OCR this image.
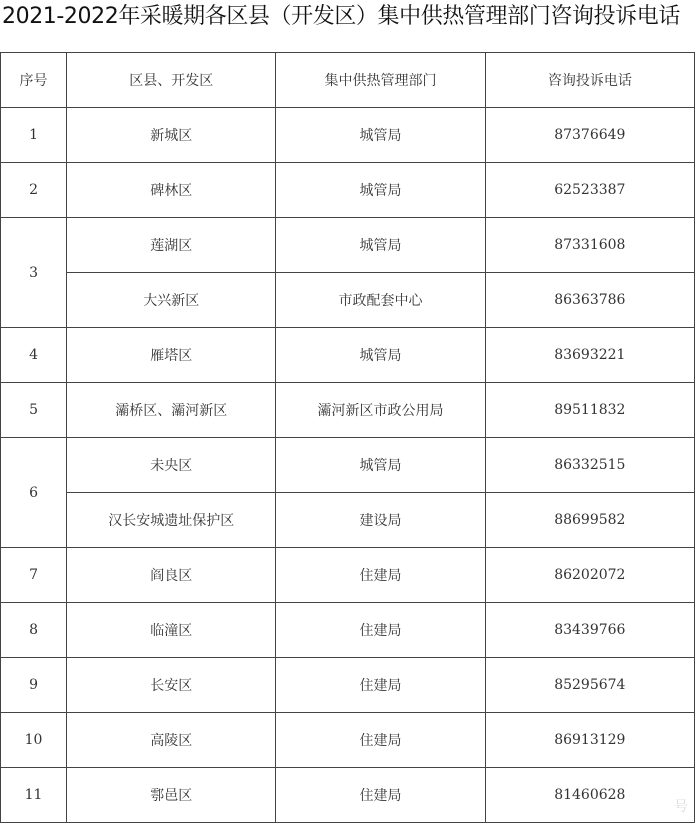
2021-2022年采暖期各区县（开发区）集中供热管理部门咨询投诉电话
序号	区县、开发区	集中供热管理部门	咨询投诉电话
1	新城区	城管局	87376649
2	碑林区	城管局	62523387
3	莲湖区	城管局	87331608
	大兴新区	市政配套中心	86363786
4	雁塔区	城管局	83693221
5	灞桥区、灞河新区	灞河新区市政公用局	89511832
6	未央区	城管局	86332515
	汉长安城遗址保护区	建设局	88699582
7	阎良区	住建局	86202072
8	临潼区	住建局	83439766
9	长安区	住建局	85295674
10	高陵区	住建局	86913129
11	鄠邑区	住建局	81460628
号
